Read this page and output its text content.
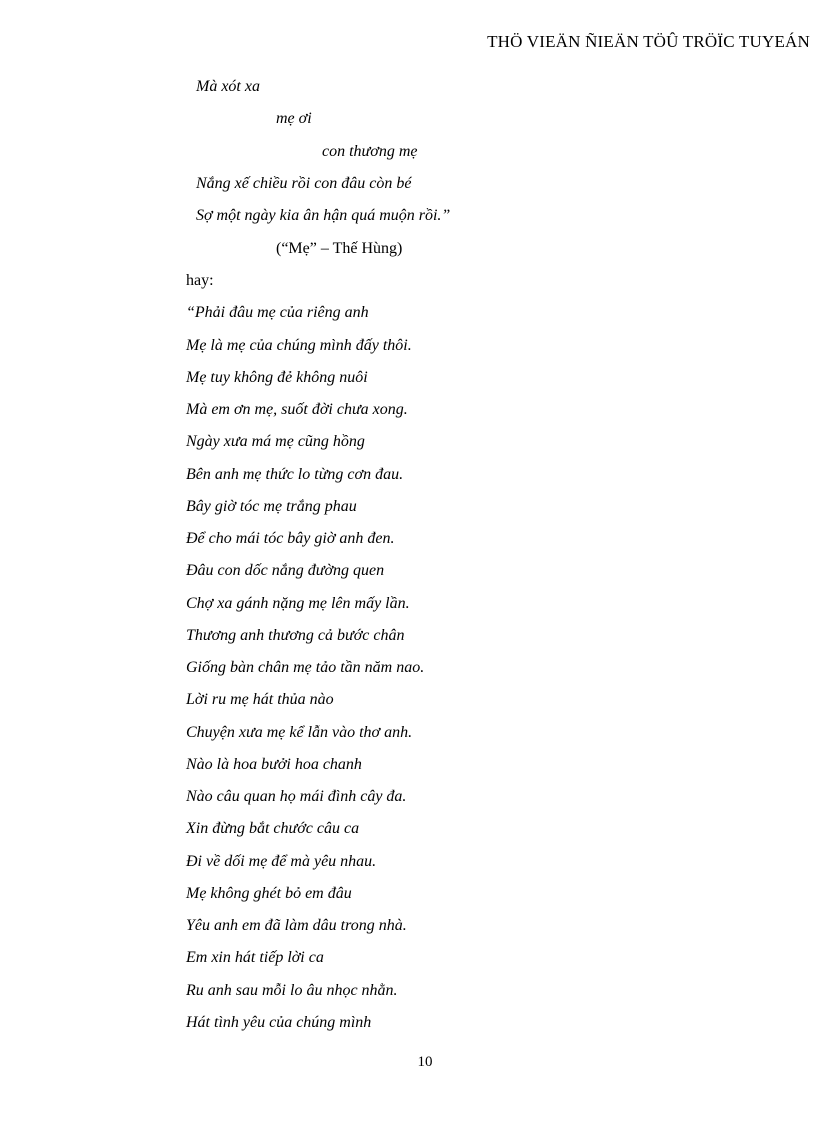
THÖ VIEÄN ÑIEÄN TÖÛ TRÖÏC TUYEÁN
Mà xót xa
mẹ ơi
con thương mẹ
Nắng xế chiều rồi con đâu còn bé
Sợ một ngày kia ân hận quá muộn rồi.”
(“Mẹ” – Thế Hùng)
hay:
“Phải đâu mẹ của riêng anh
Mẹ là mẹ của chúng mình đấy thôi.
Mẹ tuy không đẻ không nuôi
Mà em ơn mẹ, suốt đời chưa xong.
Ngày xưa má mẹ cũng hồng
Bên anh mẹ thức lo từng cơn đau.
Bây giờ tóc mẹ trắng phau
Để cho mái tóc bây giờ anh đen.
Đâu con dốc nắng đường quen
Chợ xa gánh nặng mẹ lên mấy lần.
Thương anh thương cả bước chân
Giống bàn chân mẹ tảo tần năm nao.
Lời ru mẹ hát thủa nào
Chuyện xưa mẹ kể lẫn vào thơ anh.
Nào là hoa bưởi hoa chanh
Nào câu quan họ mái đình cây đa.
Xin đừng bắt chước câu ca
Đi về dối mẹ để mà yêu nhau.
Mẹ không ghét bỏ em đâu
Yêu anh em đã làm dâu trong nhà.
Em xin hát tiếp lời ca
Ru anh sau mỗi lo âu nhọc nhằn.
Hát tình yêu của chúng mình
10
